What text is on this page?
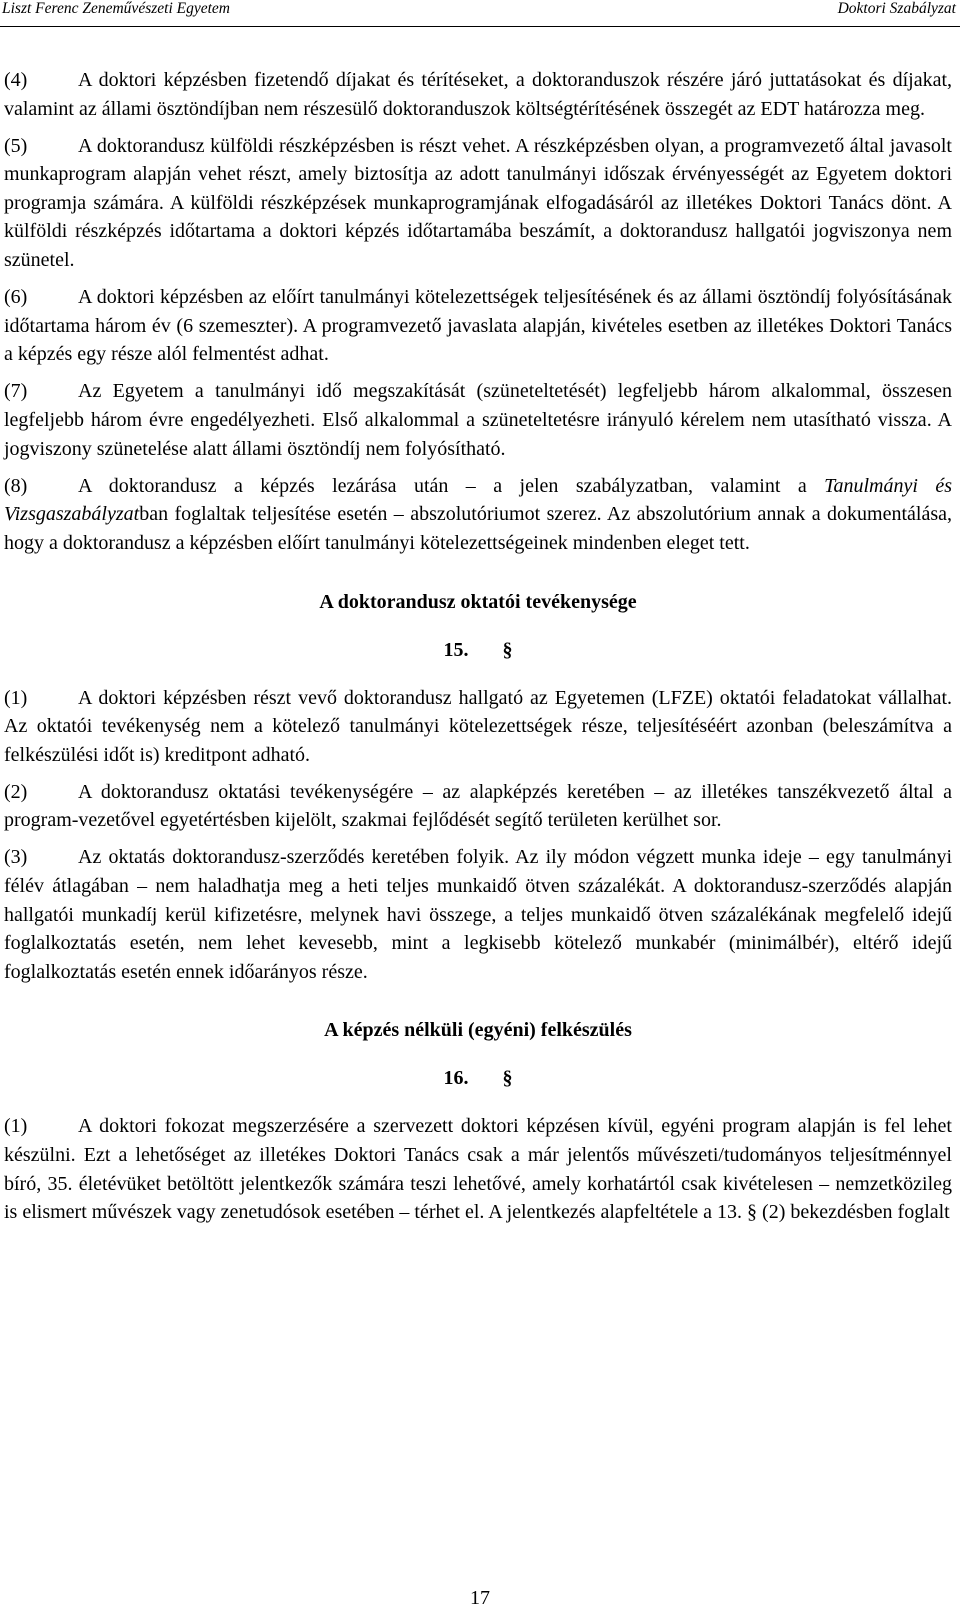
Liszt Ferenc Zeneművészeti Egyetem	Doktori Szabályzat

(4)	A doktori képzésben fizetendő díjakat és térítéseket, a doktoranduszok részére járó juttatásokat és díjakat, valamint az állami ösztöndíjban nem részesülő doktoranduszok költségtérítésének összegét az EDT határozza meg.

(5)	A doktorandusz külföldi részképzésben is részt vehet. A részképzésben olyan, a programvezető által javasolt munkaprogram alapján vehet részt, amely biztosítja az adott tanulmányi időszak érvényességét az Egyetem doktori programja számára. A külföldi részképzések munkaprogramjának elfogadásáról az illetékes Doktori Tanács dönt. A külföldi részképzés időtartama a doktori képzés időtartamába beszámít, a doktorandusz hallgatói jogviszonya nem szünetel.

(6)	A doktori képzésben az előírt tanulmányi kötelezettségek teljesítésének és az állami ösztöndíj folyósításának időtartama három év (6 szemeszter). A programvezető javaslata alapján, kivételes esetben az illetékes Doktori Tanács a képzés egy része alól felmentést adhat.

(7)	Az Egyetem a tanulmányi idő megszakítását (szüneteltetését) legfeljebb három alkalommal, összesen legfeljebb három évre engedélyezheti. Első alkalommal a szüneteltetésre irányuló kérelem nem utasítható vissza. A jogviszony szünetelése alatt állami ösztöndíj nem folyósítható.

(8)	A doktorandusz a képzés lezárása után – a jelen szabályzatban, valamint a Tanulmányi és Vizsgaszabályzatban foglaltak teljesítése esetén – abszolutóriumot szerez. Az abszolutórium annak a dokumentálása, hogy a doktorandusz a képzésben előírt tanulmányi kötelezettségeinek mindenben eleget tett.

A doktorandusz oktatói tevékenysége
15. §

(1)	A doktori képzésben részt vevő doktorandusz hallgató az Egyetemen (LFZE) oktatói feladatokat vállalhat. Az oktatói tevékenység nem a kötelező tanulmányi kötelezettségek része, teljesítéséért azonban (beleszámítva a felkészülési időt is) kreditpont adható.

(2)	A doktorandusz oktatási tevékenységére – az alapképzés keretében – az illetékes tanszékvezető által a program-vezetővel egyetértésben kijelölt, szakmai fejlődését segítő területen kerülhet sor.

(3)	Az oktatás doktorandusz-szerződés keretében folyik. Az ily módon végzett munka ideje – egy tanulmányi félév átlagában – nem haladhatja meg a heti teljes munkaidő ötven százalékát. A doktorandusz-szerződés alapján hallgatói munkadíj kerül kifizetésre, melynek havi összege, a teljes munkaidő ötven százalékának megfelelő idejű foglalkoztatás esetén, nem lehet kevesebb, mint a legkisebb kötelező munkabér (minimálbér), eltérő idejű foglalkoztatás esetén ennek időarányos része.

A képzés nélküli (egyéni) felkészülés
16. §

(1)	A doktori fokozat megszerzésére a szervezett doktori képzésen kívül, egyéni program alapján is fel lehet készülni. Ezt a lehetőséget az illetékes Doktori Tanács csak a már jelentős művészeti/tudományos teljesítménnyel bíró, 35. életévüket betöltött jelentkezők számára teszi lehetővé, amely korhatártól csak kivételesen – nemzetközileg is elismert művészek vagy zenetudósok esetében – térhet el. A jelentkezés alapfeltétele a 13. § (2) bekezdésben foglalt

17
